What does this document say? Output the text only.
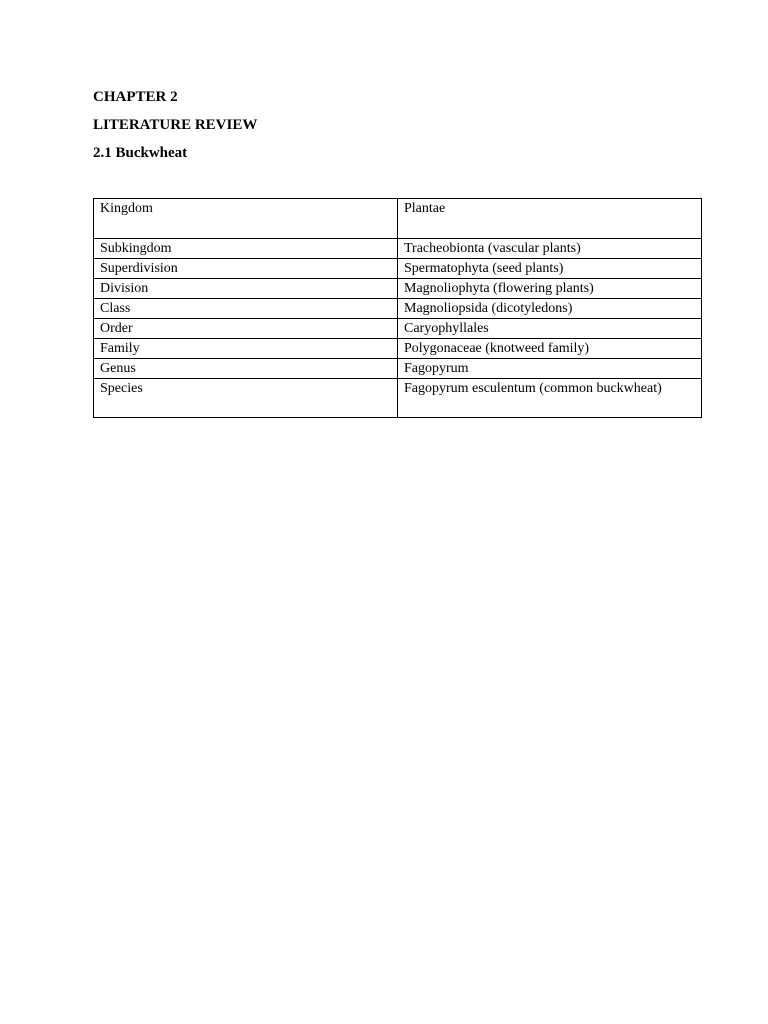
CHAPTER 2
LITERATURE REVIEW
2.1 Buckwheat
Kingdom	Plantae
Subkingdom	Tracheobionta (vascular plants)
Superdivision	Spermatophyta (seed plants)
Division	Magnoliophyta (flowering plants)
Class	Magnoliopsida (dicotyledons)
Order	Caryophyllales
Family	Polygonaceae (knotweed family)
Genus	Fagopyrum
Species	Fagopyrum esculentum (common buckwheat)
